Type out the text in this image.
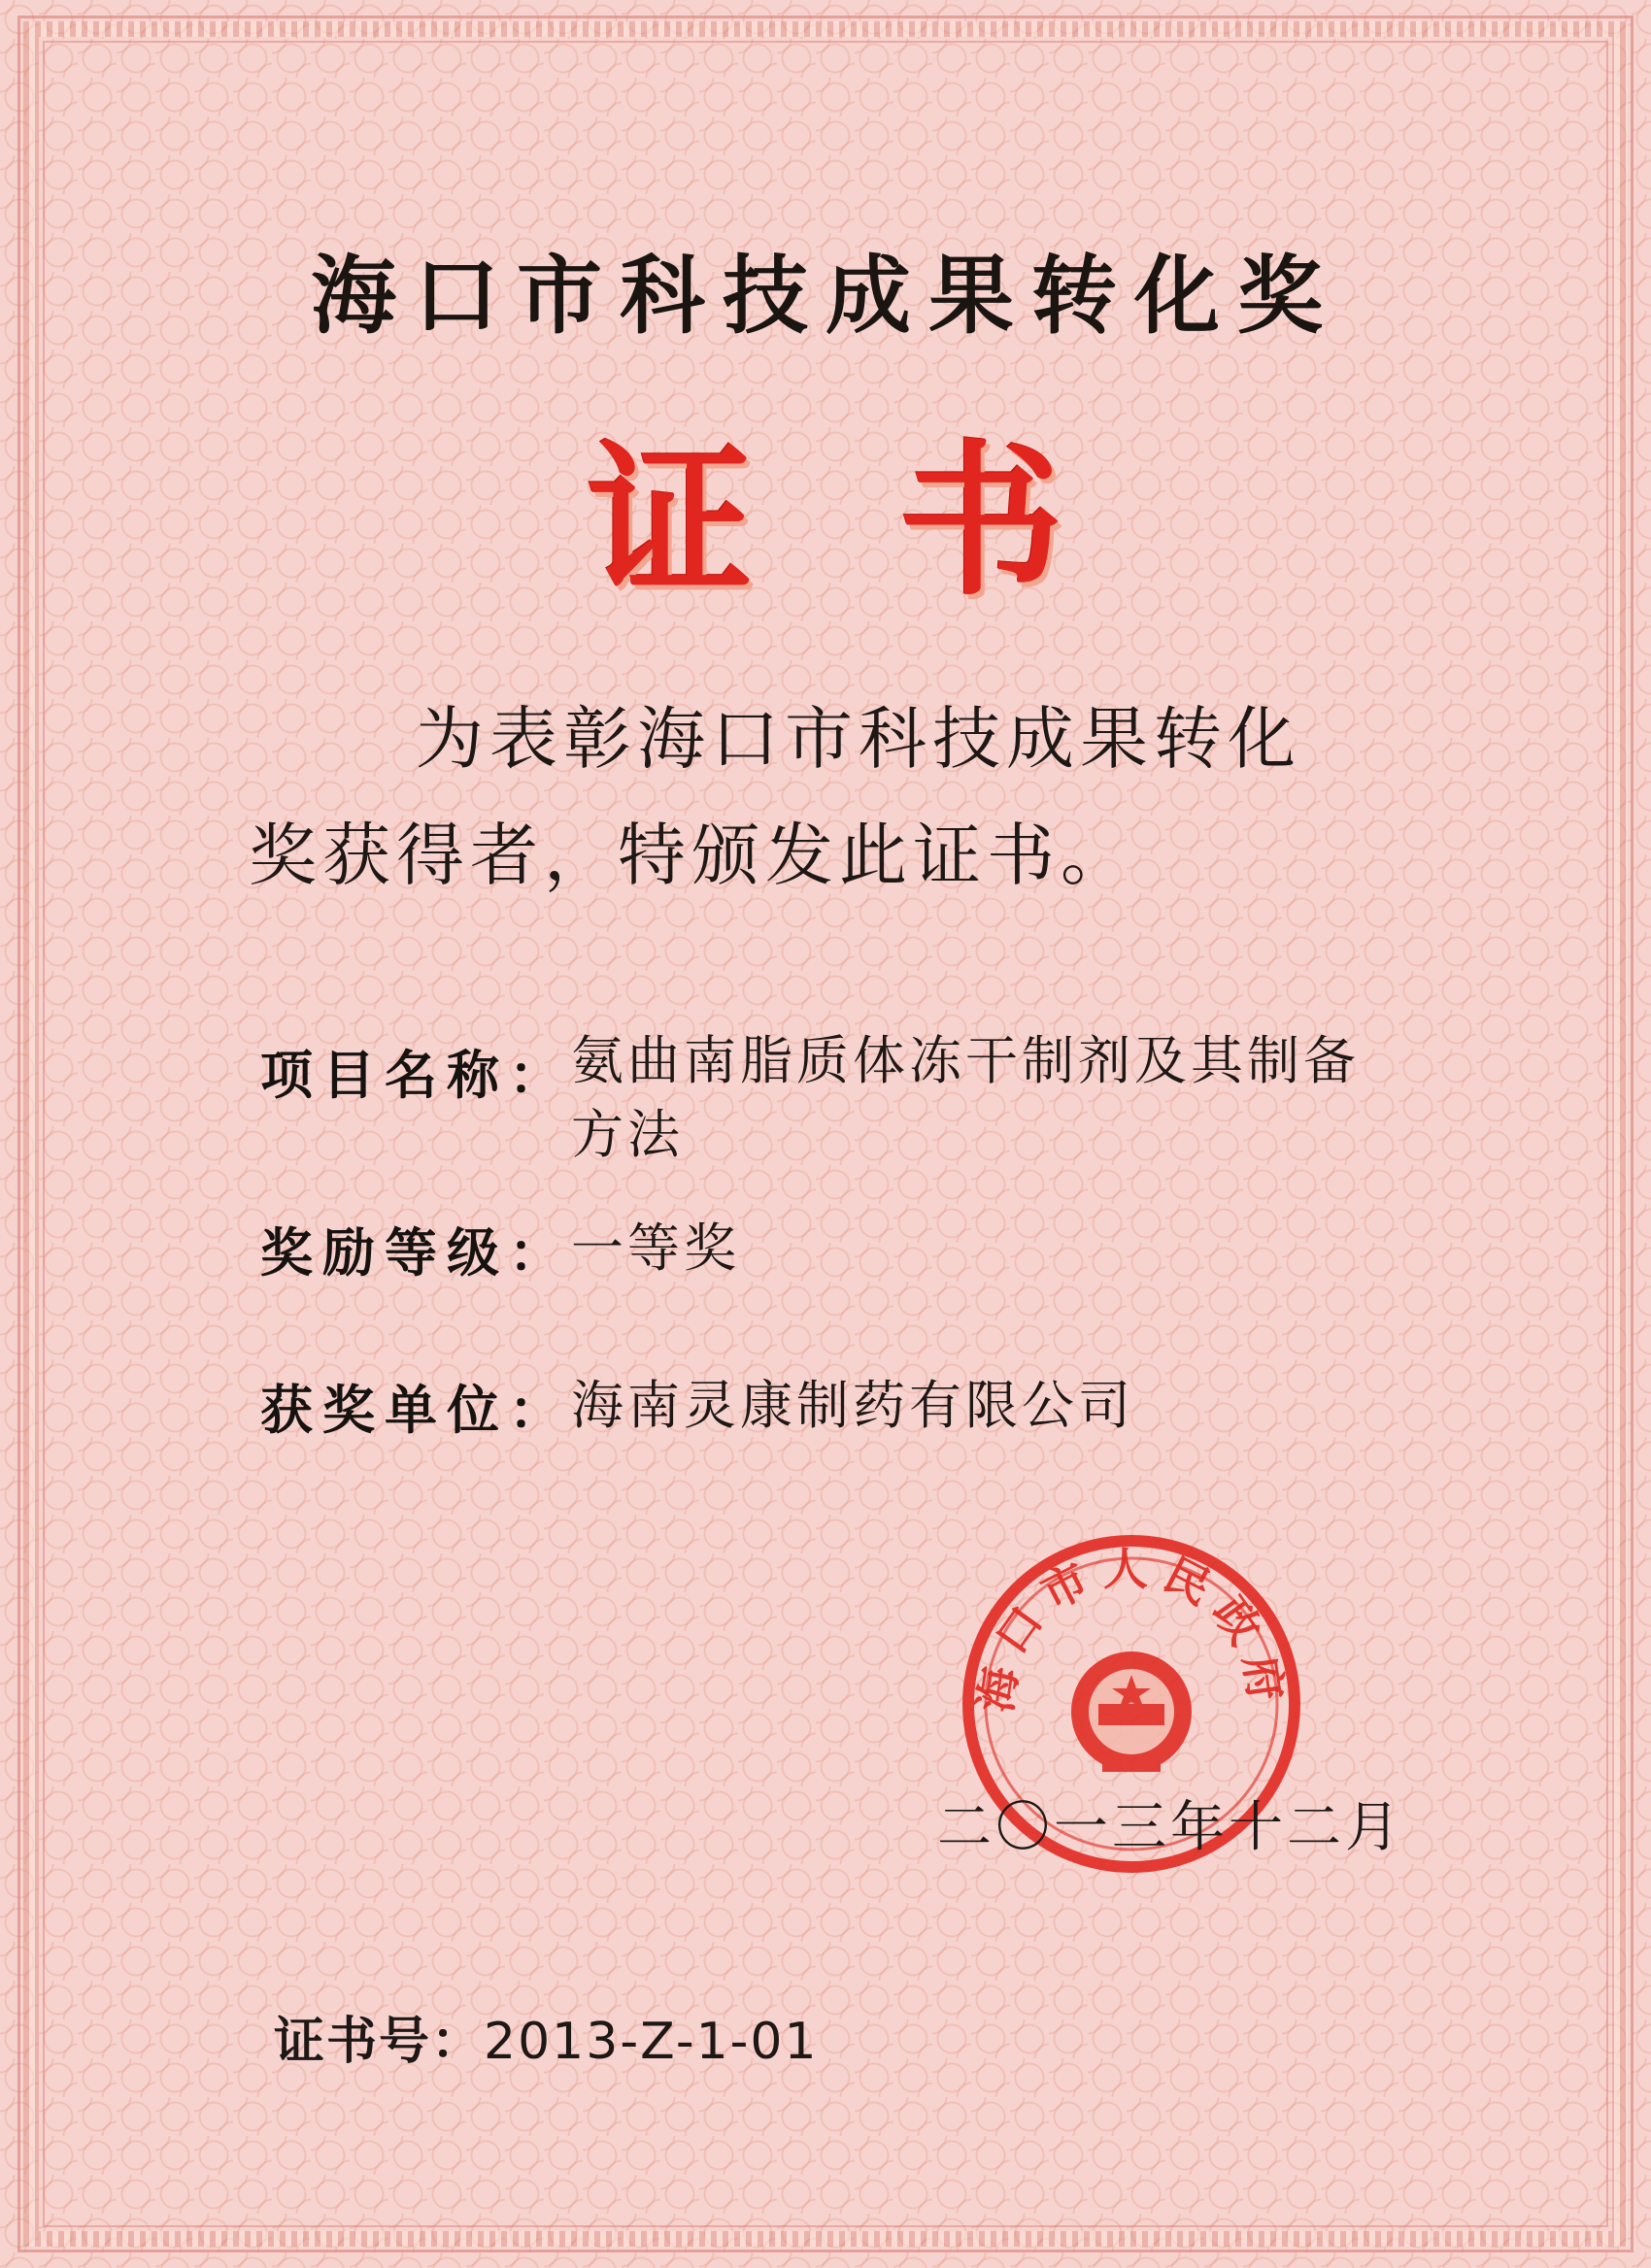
海口市科技成果转化奖
证书
为表彰海口市科技成果转化
奖获得者，特颁发此证书。
项目名称：氨曲南脂质体冻干制剂及其制备方法
奖励等级：一等奖
获奖单位：海南灵康制药有限公司
海口市人民政府
二〇一三年十二月
证书号：2013-Z-1-01
